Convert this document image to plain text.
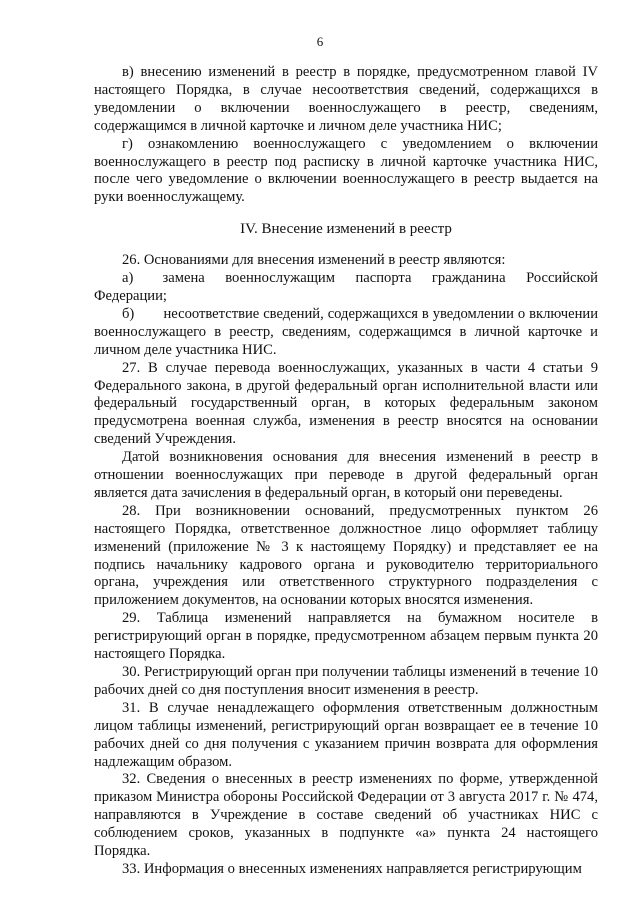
6

в) внесению изменений в реестр в порядке, предусмотренном главой IV настоящего Порядка, в случае несоответствия сведений, содержащихся в уведомлении о включении военнослужащего в реестр, сведениям, содержащимся в личной карточке и личном деле участника НИС;

г) ознакомлению военнослужащего с уведомлением о включении военнослужащего в реестр под расписку в личной карточке участника НИС, после чего уведомление о включении военнослужащего в реестр выдается на руки военнослужащему.

IV. Внесение изменений в реестр

26. Основаниями для внесения изменений в реестр являются:

а)  замена военнослужащим паспорта гражданина Российской Федерации;

б)  несоответствие сведений, содержащихся в уведомлении о включении военнослужащего в реестр, сведениям, содержащимся в личной карточке и личном деле участника НИС.

27. В случае перевода военнослужащих, указанных в части 4 статьи 9 Федерального закона, в другой федеральный орган исполнительной власти или федеральный государственный орган, в которых федеральным законом предусмотрена военная служба, изменения в реестр вносятся на основании сведений Учреждения.

Датой возникновения основания для внесения изменений в реестр в отношении военнослужащих при переводе в другой федеральный орган является дата зачисления в федеральный орган, в который они переведены.

28. При возникновении оснований, предусмотренных пунктом 26 настоящего Порядка, ответственное должностное лицо оформляет таблицу изменений (приложение № 3 к настоящему Порядку) и представляет ее на подпись начальнику кадрового органа и руководителю территориального органа, учреждения или ответственного структурного подразделения с приложением документов, на основании которых вносятся изменения.

29. Таблица изменений направляется на бумажном носителе в регистрирующий орган в порядке, предусмотренном абзацем первым пункта 20 настоящего Порядка.

30. Регистрирующий орган при получении таблицы изменений в течение 10 рабочих дней со дня поступления вносит изменения в реестр.

31. В случае ненадлежащего оформления ответственным должностным лицом таблицы изменений, регистрирующий орган возвращает ее в течение 10 рабочих дней со дня получения с указанием причин возврата для оформления надлежащим образом.

32. Сведения о внесенных в реестр изменениях по форме, утвержденной приказом Министра обороны Российской Федерации от 3 августа 2017 г. № 474, направляются в Учреждение в составе сведений об участниках НИС с соблюдением сроков, указанных в подпункте «а» пункта 24 настоящего Порядка.

33. Информация о внесенных изменениях направляется регистрирующим
